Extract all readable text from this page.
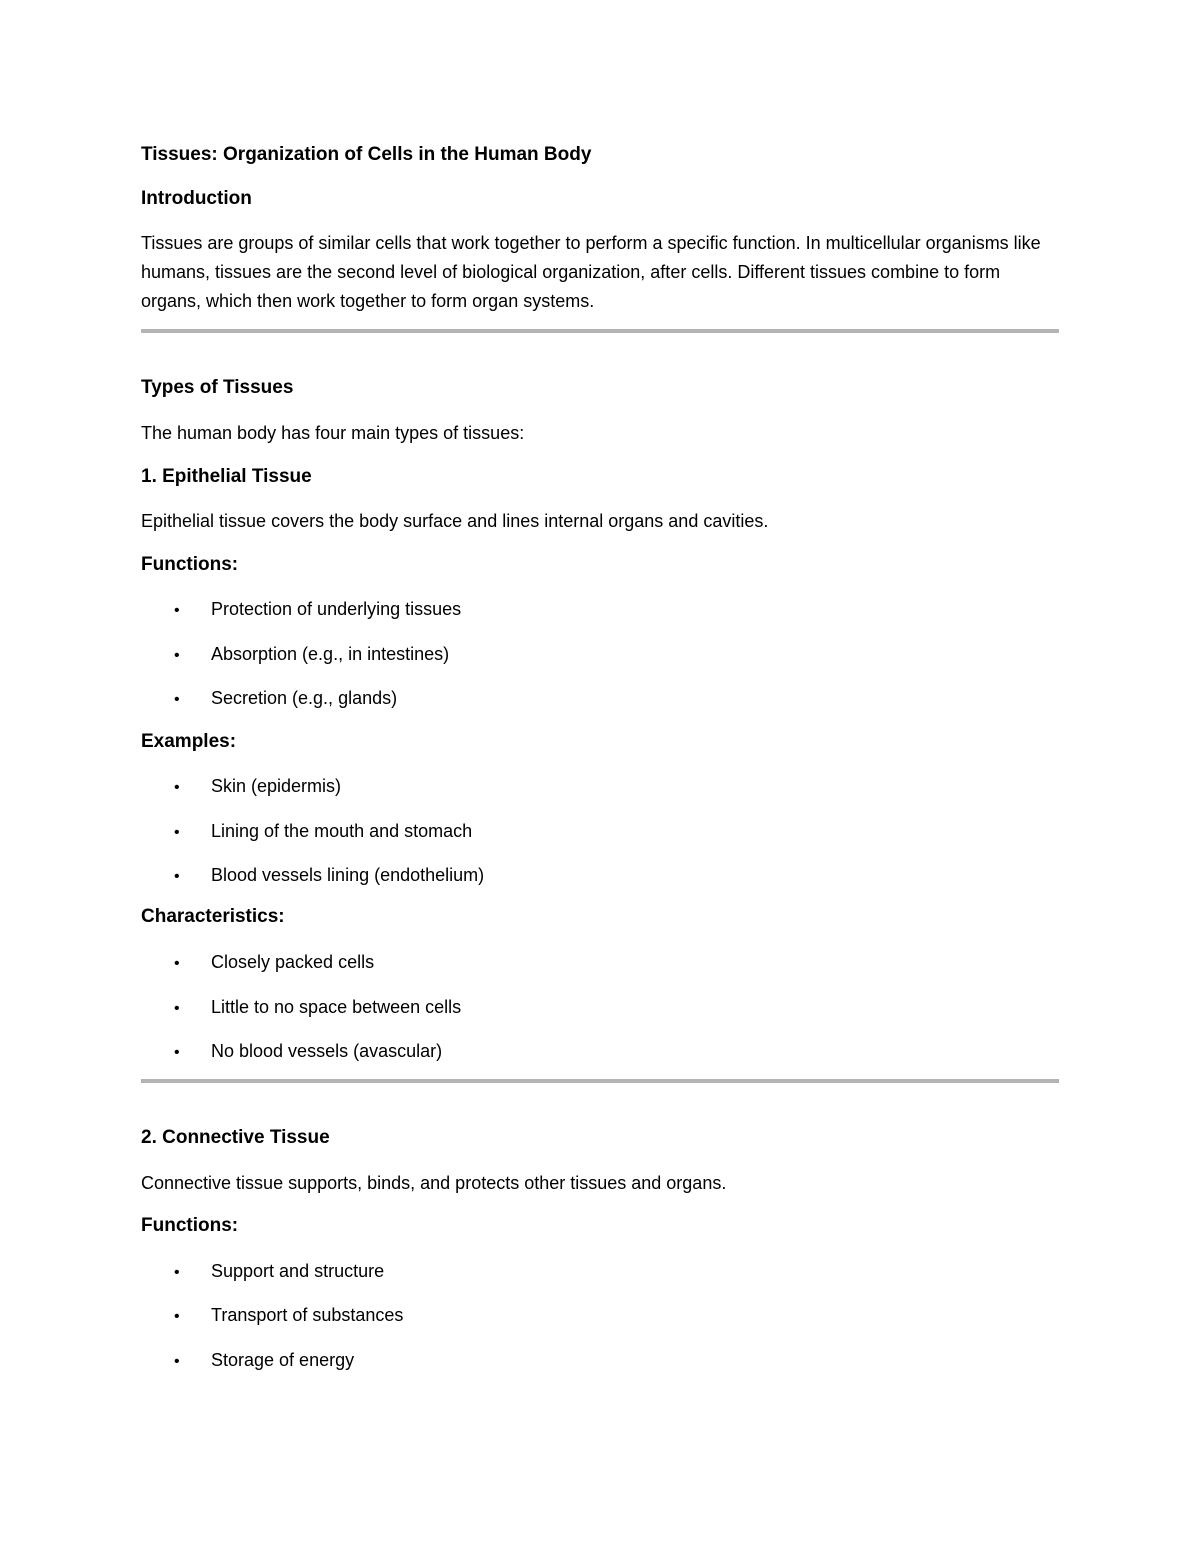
Tissues: Organization of Cells in the Human Body
Introduction
Tissues are groups of similar cells that work together to perform a specific function. In multicellular organisms like humans, tissues are the second level of biological organization, after cells. Different tissues combine to form organs, which then work together to form organ systems.
Types of Tissues
The human body has four main types of tissues:
1. Epithelial Tissue
Epithelial tissue covers the body surface and lines internal organs and cavities.
Functions:
• Protection of underlying tissues
• Absorption (e.g., in intestines)
• Secretion (e.g., glands)
Examples:
• Skin (epidermis)
• Lining of the mouth and stomach
• Blood vessels lining (endothelium)
Characteristics:
• Closely packed cells
• Little to no space between cells
• No blood vessels (avascular)
2. Connective Tissue
Connective tissue supports, binds, and protects other tissues and organs.
Functions:
• Support and structure
• Transport of substances
• Storage of energy
